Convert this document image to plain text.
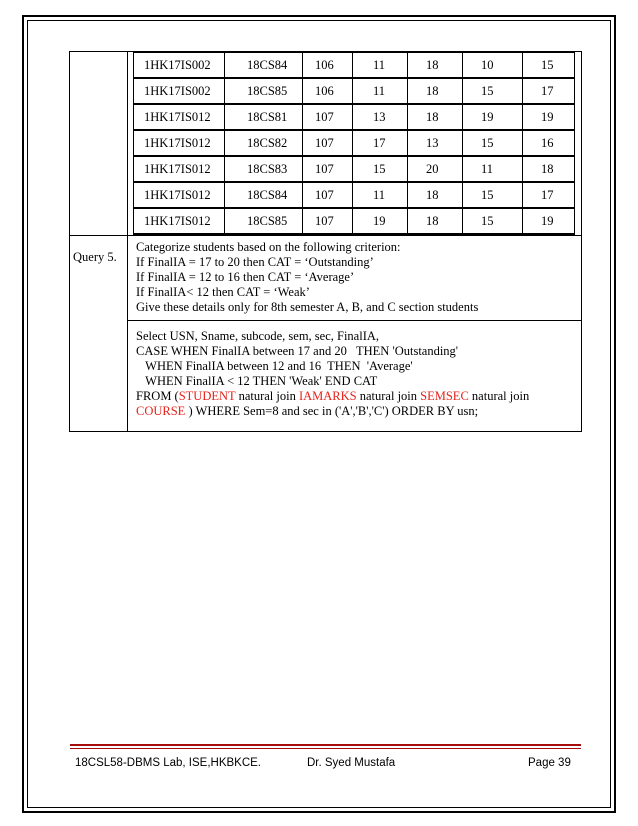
1HK17IS002	18CS84	106	11	18	10	15
1HK17IS002	18CS85	106	11	18	15	17
1HK17IS012	18CS81	107	13	18	19	19
1HK17IS012	18CS82	107	17	13	15	16
1HK17IS012	18CS83	107	15	20	11	18
1HK17IS012	18CS84	107	11	18	15	17
1HK17IS012	18CS85	107	19	18	15	19

Query 5.

Categorize students based on the following criterion:
If FinalIA = 17 to 20 then CAT = ‘Outstanding’
If FinalIA = 12 to 16 then CAT = ‘Average’
If FinalIA< 12 then CAT = ‘Weak’
Give these details only for 8th semester A, B, and C section students

Select USN, Sname, subcode, sem, sec, FinalIA,
CASE WHEN FinalIA between 17 and 20   THEN 'Outstanding'
WHEN FinalIA between 12 and 16  THEN  'Average'
WHEN FinalIA < 12 THEN 'Weak' END CAT
FROM (STUDENT natural join IAMARKS natural join SEMSEC natural join
COURSE ) WHERE Sem=8 and sec in ('A','B','C') ORDER BY usn;
18CSL58-DBMS Lab, ISE,HKBKCE.	Dr. Syed Mustafa	Page 39
